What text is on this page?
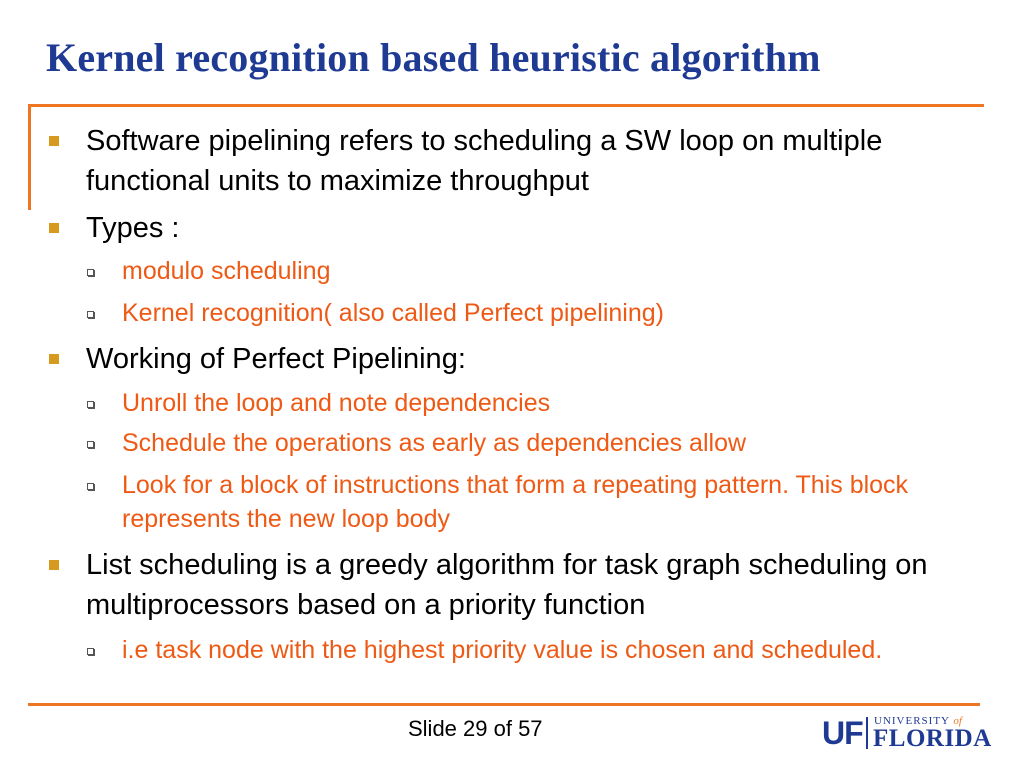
Kernel recognition based heuristic algorithm
Software pipelining refers to scheduling a SW loop on multiple functional units to maximize throughput
Types :
modulo scheduling
Kernel recognition( also called Perfect pipelining)
Working of Perfect Pipelining:
Unroll the loop and note dependencies
Schedule the operations as early as dependencies allow
Look for a block of instructions that form a repeating pattern. This block represents the new loop body
List scheduling is a greedy algorithm for task graph scheduling on multiprocessors based on a priority function
i.e task node with the highest priority value is chosen and scheduled.
Slide 29 of 57	UF UNIVERSITY of
FLORIDA
